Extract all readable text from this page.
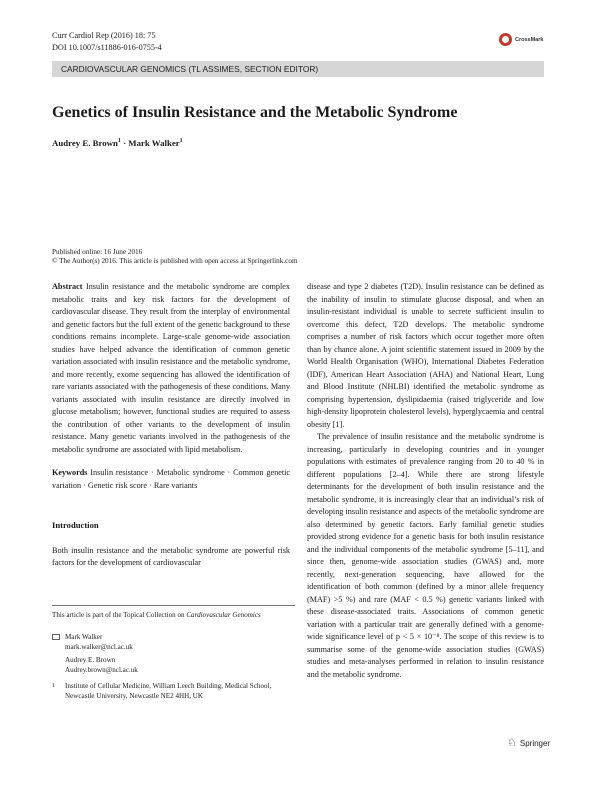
Curr Cardiol Rep (2016) 18: 75
DOI 10.1007/s11886-016-0755-4
CrossMark
CARDIOVASCULAR GENOMICS (TL ASSIMES, SECTION EDITOR)
Genetics of Insulin Resistance and the Metabolic Syndrome
Audrey E. Brown$^1$ · Mark Walker$^1$
Published online: 16 June 2016
© The Author(s) 2016. This article is published with open access at Springerlink.com
Abstract Insulin resistance and the metabolic syndrome are complex metabolic traits and key risk factors for the development of cardiovascular disease. They result from the interplay of environmental and genetic factors but the full extent of the genetic background to these conditions remains incomplete. Large-scale genome-wide association studies have helped advance the identification of common genetic variation associated with insulin resistance and the metabolic syndrome, and more recently, exome sequencing has allowed the identification of rare variants associated with the pathogenesis of these conditions. Many variants associated with insulin resistance are directly involved in glucose metabolism; however, functional studies are required to assess the contribution of other variants to the development of insulin resistance. Many genetic variants involved in the pathogenesis of the metabolic syndrome are associated with lipid metabolism.
Keywords Insulin resistance · Metabolic syndrome · Common genetic variation · Genetic risk score · Rare variants
Introduction
Both insulin resistance and the metabolic syndrome are powerful risk factors for the development of cardiovascular
This article is part of the Topical Collection on Cardiovascular Genomics
Mark Walker
mark.walker@ncl.ac.uk
Audrey E. Brown
Audrey.brown@ncl.ac.uk
1	Institute of Cellular Medicine, William Leech Building, Medical School, Newcastle University, Newcastle NE2 4HH, UK

disease and type 2 diabetes (T2D). Insulin resistance can be defined as the inability of insulin to stimulate glucose disposal, and when an insulin-resistant individual is unable to secrete sufficient insulin to overcome this defect, T2D develops. The metabolic syndrome comprises a number of risk factors which occur together more often than by chance alone. A joint scientific statement issued in 2009 by the World Health Organisation (WHO), International Diabetes Federation (IDF), American Heart Association (AHA) and National Heart, Lung and Blood Institute (NHLBI) identified the metabolic syndrome as comprising hypertension, dyslipidaemia (raised triglyceride and low high-density lipoprotein cholesterol levels), hyperglycaemia and central obesity [1].

The prevalence of insulin resistance and the metabolic syndrome is increasing, particularly in developing countries and in younger populations with estimates of prevalence ranging from 20 to 40 % in different populations [2–4]. While there are strong lifestyle determinants for the development of both insulin resistance and the metabolic syndrome, it is increasingly clear that an individual’s risk of developing insulin resistance and aspects of the metabolic syndrome are also determined by genetic factors. Early familial genetic studies provided strong evidence for a genetic basis for both insulin resistance and the individual components of the metabolic syndrome [5–11], and since then, genome-wide association studies (GWAS) and, more recently, next-generation sequencing, have allowed for the identification of both common (defined by a minor allele frequency (MAF) >5 %) and rare (MAF < 0.5 %) genetic variants linked with these disease-associated traits. Associations of common genetic variation with a particular trait are generally defined with a genome-wide significance level of p < 5 × 10⁻⁸. The scope of this review is to summarise some of the genome-wide association studies (GWAS) studies and meta-analyses performed in relation to insulin resistance and the metabolic syndrome.

♘ Springer
